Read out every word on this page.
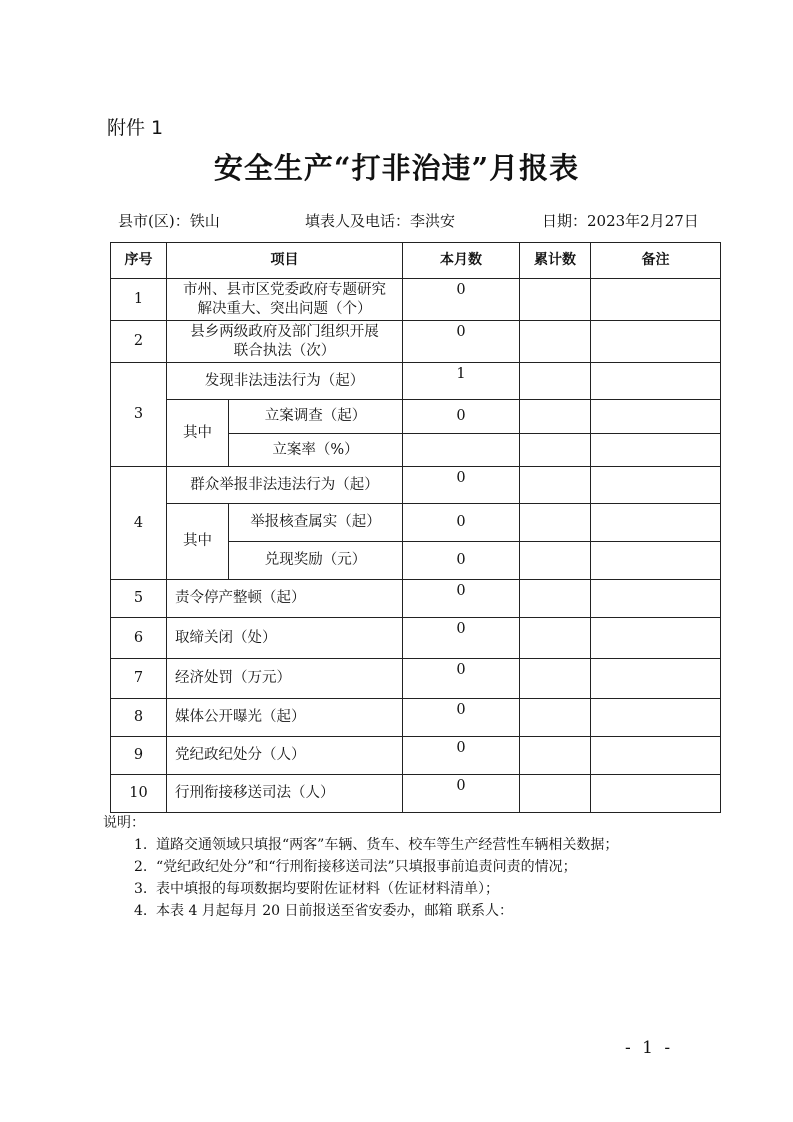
附件 1
安全生产“打非治违”月报表
县市(区)：铁山	填表人及电话：李洪安	日期：2023年2月27日
序号	项目		本月数	累计数	备注
1	市州、县市区党委政府专题研究
解决重大、突出问题（个）		0		
2	县乡两级政府及部门组织开展
联合执法（次）		0		
3	发现非法违法行为（起）		1		
	其中	立案调查（起）	0		
		立案率（%）			
4	群众举报非法违法行为（起）		0		
	其中	举报核查属实（起）	0		
		兑现奖励（元）	0		
5	责令停产整顿（起）		0		
6	取缔关闭（处）		0		
7	经济处罚（万元）		0		
8	媒体公开曝光（起）		0		
9	党纪政纪处分（人）		0		
10	行刑衔接移送司法（人）		0		
说明：
1. 道路交通领域只填报“两客”车辆、货车、校车等生产经营性车辆相关数据；
2. “党纪政纪处分”和“行刑衔接移送司法”只填报事前追责问责的情况；
3. 表中填报的每项数据均要附佐证材料（佐证材料清单）；
4. 本表 4 月起每月 20 日前报送至省安委办，邮箱 联系人：
- 1 -
